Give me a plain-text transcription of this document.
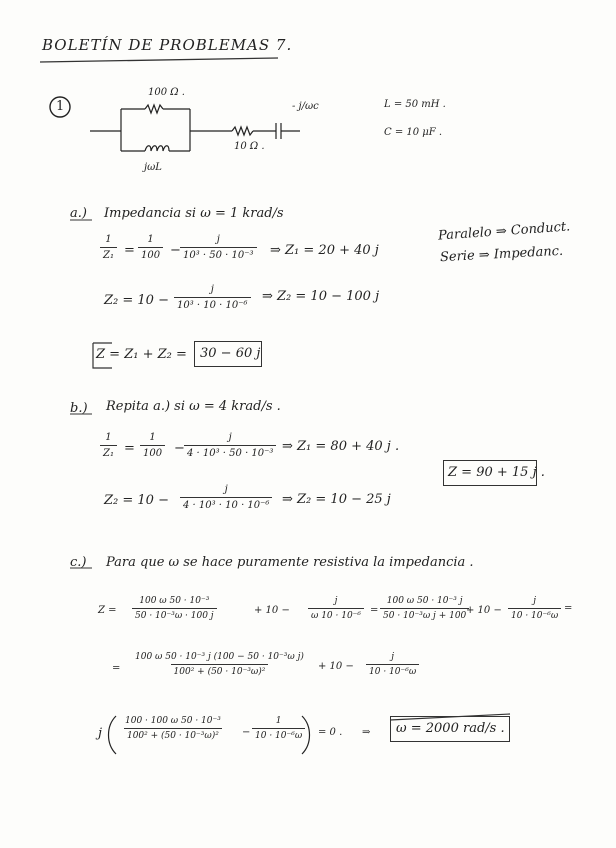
BOLETÍN DE PROBLEMAS 7.
1
100 Ω .
jωL
10 Ω .
- j/ωc	L = 50 mH .
C = 10 μF .
Paralelo ⇒ Conduct.
Serie ⇒ Impedanc.
a.) Impedancia si ω = 1 krad/s
$\frac{1}{\text{Z₁}} = \frac{1}{100} - \frac{j}{\text{10³ · 50 · 10⁻³}}$ ⇒ Z₁ = 20 + 40 j
$Z_2 = 10 - \frac{j}{\text{10³ · 10 · 10⁻⁶}}$ ⇒ Z₂ = 10 − 100 j
Z = Z₁ + Z₂ = 30 − 60 j
b.) Repita a.) si ω = 4 krad/s .
$\frac{1}{\text{Z₁}} = \frac{1}{100} - \frac{j}{\text{4 · 10³ · 50 · 10⁻³}}$ ⇒ Z₁ = 80 + 40 j .
$Z_2 = 10 - \frac{j}{\text{4 · 10³ · 10 · 10⁻⁶}}$ ⇒ Z₂ = 10 − 25 j
Z = 90 + 15 j .
c.) Para que ω se hace puramente resistiva la impedancia .
$Z = \frac{\text{100 ω 50 · 10⁻³}}{\text{50 · 10⁻³ω · 100 j}}$	+ $10 - \frac{j}{\text{ω 10 · 10⁻⁶}} = \frac{\text{100 ω 50 · 10⁻³ j}}{\text{50 · 10⁻³ω j + 100}}$
+ $10 - \frac{j}{\text{10 · 10⁻⁶ω}}$ =
= $\frac{\text{100 ω 50 · 10⁻³ j (100 − 50 · 10⁻³ω j)}}{\text{100² + (50 · 10⁻³ω)²}} + 10 - \frac{j}{\text{10 · 10⁻⁶ω}}$
j $\frac{\text{100 · 100 ω 50 · 10⁻³}}{\text{100² + (50 · 10⁻³ω)²}} - \frac{1}{\text{10 · 10⁻⁶ω}} = 0$ . ⇒ ω = 2000 rad/s .
